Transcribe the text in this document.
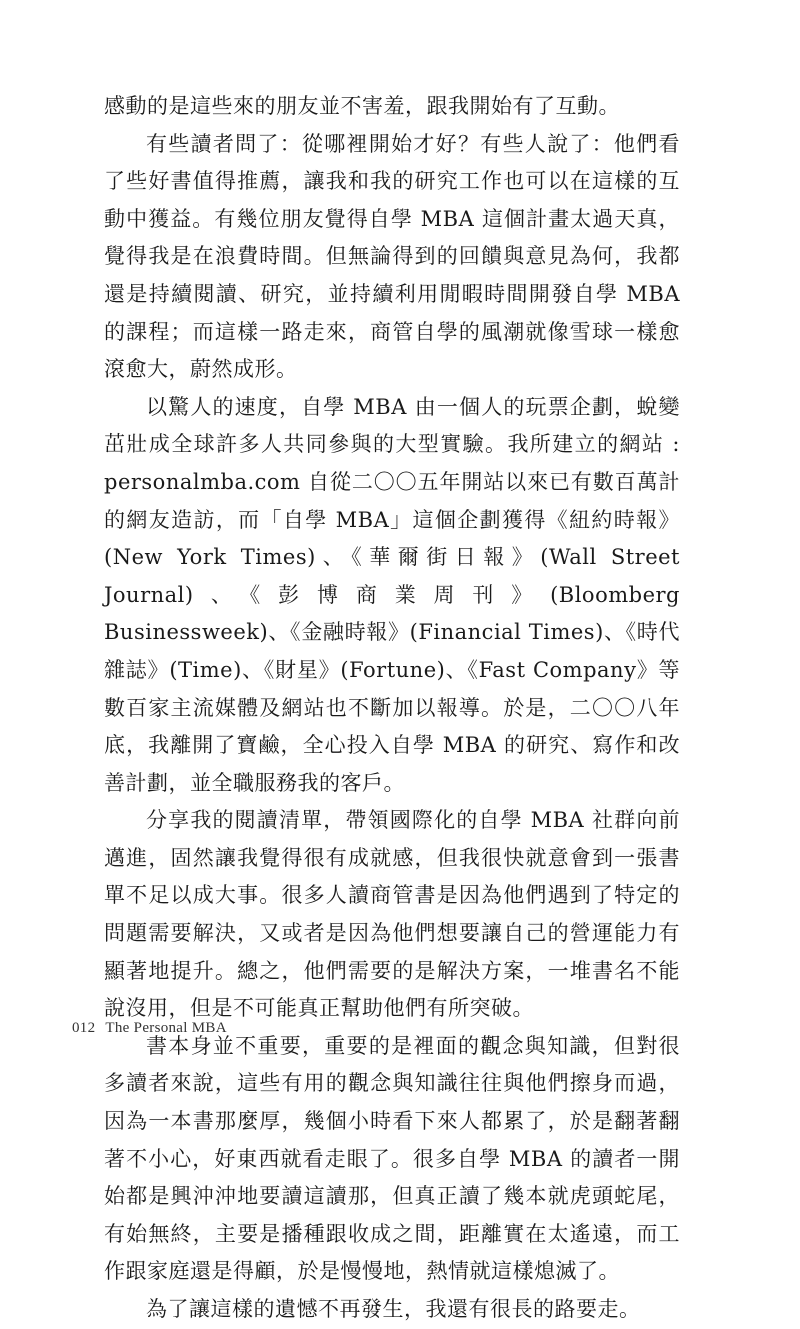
感動的是這些來的朋友並不害羞，跟我開始有了互動。

有些讀者問了：從哪裡開始才好？有些人說了：他們看了些好書值得推薦，讓我和我的研究工作也可以在這樣的互動中獲益。有幾位朋友覺得自學 MBA 這個計畫太過天真，覺得我是在浪費時間。但無論得到的回饋與意見為何，我都還是持續閱讀、研究，並持續利用閒暇時間開發自學 MBA 的課程；而這樣一路走來，商管自學的風潮就像雪球一樣愈滾愈大，蔚然成形。

以驚人的速度，自學 MBA 由一個人的玩票企劃，蛻變茁壯成全球許多人共同參與的大型實驗。我所建立的網站 : personalmba.com 自從二〇〇五年開站以來已有數百萬計的網友造訪，而「自學 MBA」這個企劃獲得《紐約時報》(New York Times)、《華爾街日報》(Wall Street Journal)、《彭博商業周刊》(Bloomberg Businessweek)、《金融時報》(Financial Times)、《時代雜誌》(Time)、《財星》(Fortune)、《Fast Company》等數百家主流媒體及網站也不斷加以報導。於是，二〇〇八年底，我離開了寶鹼，全心投入自學 MBA 的研究、寫作和改善計劃，並全職服務我的客戶。

分享我的閱讀清單，帶領國際化的自學 MBA 社群向前邁進，固然讓我覺得很有成就感，但我很快就意會到一張書單不足以成大事。很多人讀商管書是因為他們遇到了特定的問題需要解決，又或者是因為他們想要讓自己的營運能力有顯著地提升。總之，他們需要的是解決方案，一堆書名不能說沒用，但是不可能真正幫助他們有所突破。

書本身並不重要，重要的是裡面的觀念與知識，但對很多讀者來說，這些有用的觀念與知識往往與他們擦身而過，因為一本書那麼厚，幾個小時看下來人都累了，於是翻著翻著不小心，好東西就看走眼了。很多自學 MBA 的讀者一開始都是興沖沖地要讀這讀那，但真正讀了幾本就虎頭蛇尾，有始無終，主要是播種跟收成之間，距離實在太遙遠，而工作跟家庭還是得顧，於是慢慢地，熱情就這樣熄滅了。

為了讓這樣的遺憾不再發生，我還有很長的路要走。

012 The Personal MBA
